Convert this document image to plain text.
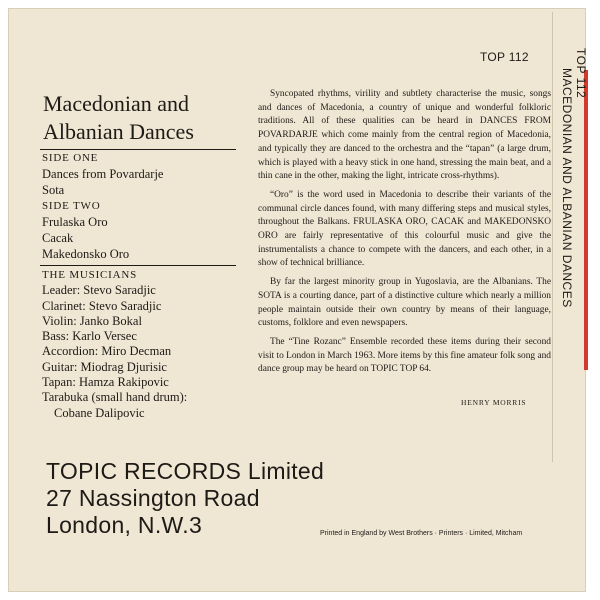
TOP 112	TOP 112
MACEDONIAN AND ALBANIAN DANCES
Macedonian and
Albanian Dances
SIDE ONE
Dances from Povardarje
Sota
SIDE TWO
Frulaska Oro
Cacak
Makedonsko Oro
THE MUSICIANS
Leader: Stevo Saradjic
Clarinet: Stevo Saradjic
Violin: Janko Bokal
Bass: Karlo Versec
Accordion: Miro Decman
Guitar: Miodrag Djurisic
Tapan: Hamza Rakipovic
Tarabuka (small hand drum):
Cobane Dalipovic

Syncopated rhythms, virility and subtlety characterise the music, songs and dances of Macedonia, a country of unique and wonderful folkloric traditions. All of these qualities can be heard in DANCES FROM POVARDARJE which come mainly from the central region of Macedonia, and typically they are danced to the orchestra and the “tapan” (a large drum, which is played with a heavy stick in one hand, stressing the main beat, and a thin cane in the other, making the light, intricate cross-rhythms).

“Oro” is the word used in Macedonia to describe their variants of the communal circle dances found, with many differing steps and musical styles, throughout the Balkans. FRULASKA ORO, CACAK and MAKEDONSKO ORO are fairly representative of this colourful music and give the instrumentalists a chance to compete with the dancers, and each other, in a show of technical brilliance.

By far the largest minority group in Yugoslavia, are the Albanians. The SOTA is a courting dance, part of a distinctive culture which nearly a million people maintain outside their own country by means of their language, customs, folklore and even newspapers.

The “Tine Rozanc” Ensemble recorded these items during their second visit to London in March 1963. More items by this fine amateur folk song and dance group may be heard on TOPIC TOP 64.

HENRY MORRIS
TOPIC RECORDS Limited
27 Nassington Road
London, N.W.3	Printed in England by West Brothers · Printers · Limited, Mitcham
